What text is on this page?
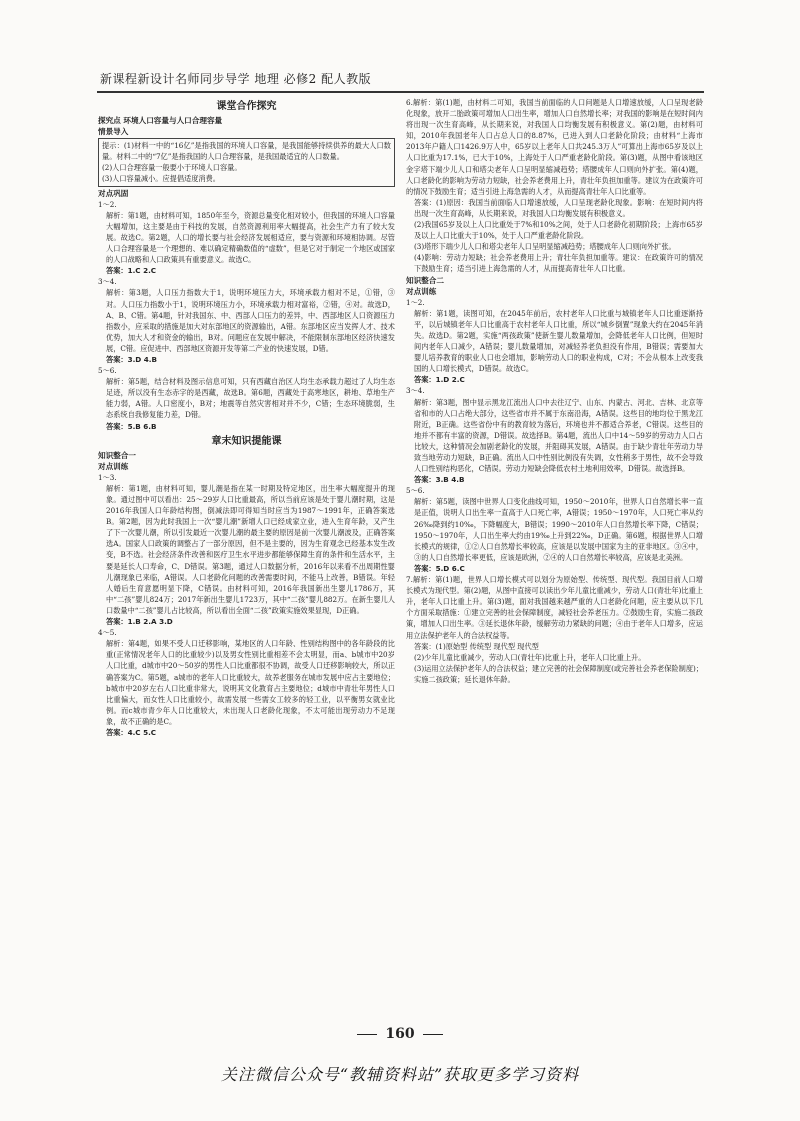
新课程新设计名师同步导学 地理 必修2 配人教版
课堂合作探究
探究点 环境人口容量与人口合理容量
情景导入

提示：(1)材料一中的“16亿”是指我国的环境人口容量，是我国能够持续供养的最大人口数量。材料二中的“7亿”是指我国的人口合理容量，是我国最适宜的人口数量。

(2)人口合理容量一般要小于环境人口容量。

(3)人口容量减小。应提倡适度消费。

对点巩固

1～2.

解析：第1题，由材料可知，1850年至今，资源总量变化相对较小，但我国的环境人口容量大幅增加，这主要是由于科技的发展，自然资源利用率大幅提高，社会生产力有了较大发展。故选C。第2题，人口的增长要与社会经济发展相适应，要与资源和环境相协调。尽管人口合理容量是一个理想的、难以确定精确数值的“虚数”，但是它对于制定一个地区或国家的人口战略和人口政策具有重要意义。故选C。

答案：1.C 2.C

3～4.

解析：第3题，人口压力指数大于1，说明环境压力大，环境承载力相对不足，①错，③对。人口压力指数小于1，说明环境压力小，环境承载力相对富裕，②错，④对。故选D，A、B、C错。第4题，针对我国东、中、西部人口压力的差异，中、西部地区人口资源压力指数小，应采取的措施是加大对东部地区的资源输出，A错。东部地区应当发挥人才、技术优势，加大人才和资金的输出，B对。问题应在发展中解决，不能限制东部地区经济快速发展，C错。应促进中、西部地区资源开发等第二产业的快速发展，D错。

答案：3.D 4.B

5～6.

解析：第5题，结合材料及图示信息可知，只有西藏自治区人均生态承载力超过了人均生态足迹，所以没有生态赤字的是西藏，故选B。第6题，西藏处于高寒地区，耕地、草地生产能力弱，A错。人口密度小，B对；地震等自然灾害相对并不少，C错；生态环境脆弱，生态系统自我修复能力差，D错。

答案：5.B 6.B

章末知识提能课
知识整合一
对点训练

1～3.

解析：第1题，由材料可知，婴儿潮是指在某一时期及特定地区，出生率大幅度提升的现象。通过图中可以看出：25～29岁人口比重最高，所以当前应该是处于婴儿潮时期，这是2016年我国人口年龄结构图，倒减法即可得知当时应当为1987～1991年，正确答案选B。第2题，因为此时我国上一次“婴儿潮”新增人口已经成家立业，进入生育年龄，又产生了下一次婴儿潮，所以引发最近一次婴儿潮的最主要的原因是前一次婴儿潮波及，正确答案选A。国家人口政策的调整占了一部分原因，但不是主要的，因为生育观念已经基本发生改变，B不选。社会经济条件改善和医疗卫生水平进步都能够保障生育的条件和生活水平，主要是延长人口寿命，C、D错误。第3题，通过人口数据分析，2016年以来看不出周期性婴儿潮现象已来临，A错误。人口老龄化问题的改善需要时间，不能马上改善，B错误。年轻人婚后生育意愿明显下降，C错误。由材料可知，2016年我国新出生婴儿1786万，其中“二孩”婴儿824万；2017年新出生婴儿1723万，其中“二孩”婴儿882万。在新生婴儿人口数量中“二孩”婴儿占比较高，所以看出全面“二孩”政策实施效果显现，D正确。

答案：1.B 2.A 3.D

4～5.

解析：第4题，如果不受人口迁移影响，某地区的人口年龄、性别结构图中的各年龄段的比重(正常情况老年人口的比重较少)以及男女性别比重相差不会太明显，而a、b城市中20岁人口比重，d城市中20～50岁的男性人口比重都很不协调，故受人口迁移影响较大，所以正确答案为C。第5题，a城市的老年人口比重较大，故养老服务在城市发展中应占主要地位；b城市中20岁左右人口比重非常大，说明其文化教育占主要地位；d城市中青壮年男性人口比重偏大，而女性人口比重较小，故需发展一些需女工较多的轻工业，以平衡男女就业比例。而c城市青少年人口比重较大，未出现人口老龄化现象，不太可能出现劳动力不足现象，故不正确的是C。

答案：4.C 5.C

6.解析：第(1)题，由材料二可知，我国当前面临的人口问题是人口增速放缓，人口呈现老龄化现象，放开二胎政策可增加人口出生率，增加人口自然增长率；对我国的影响是在短时间内将出现一次生育高峰，从长期来说，对我国人口均衡发展有积极意义。第(2)题，由材料可知，2010年我国老年人口占总人口的8.87%，已进入到人口老龄化阶段；由材料“上海市2013年户籍人口1426.9万人中，65岁以上老年人口共245.3万人”可算出上海市65岁及以上人口比重为17.1%，已大于10%，上海处于人口严重老龄化阶段。第(3)题，从图中看该地区金字塔下端少儿人口和塔尖老年人口呈明显缩减趋势；塔腰成年人口则向外扩张。第(4)题，人口老龄化的影响为劳动力短缺，社会养老费用上升，青壮年负担加重等。建议为在政策许可的情况下鼓励生育；适当引进上海急需的人才，从而提高青壮年人口比重等。

答案：(1)原因：我国当前面临人口增速放缓，人口呈现老龄化现象。影响：在短时间内将出现一次生育高峰，从长期来说，对我国人口均衡发展有积极意义。

(2)我国65岁及以上人口比重处于7%和10%之间，处于人口老龄化初期阶段；上海市65岁及以上人口比重大于10%，处于人口严重老龄化阶段。

(3)塔形下端少儿人口和塔尖老年人口呈明显缩减趋势；塔腰成年人口则向外扩张。

(4)影响：劳动力短缺；社会养老费用上升；青壮年负担加重等。建议：在政策许可的情况下鼓励生育；适当引进上海急需的人才，从而提高青壮年人口比重。

知识整合二
对点训练

1～2.

解析：第1题，读图可知，在2045年前后，农村老年人口比重与城镇老年人口比重逐渐持平，以后城镇老年人口比重高于农村老年人口比重，所以“城乡倒置”现象大约在2045年消失。故选D。第2题，实施“两孩政策”使新生婴儿数量增加，会降低老年人口比例，但短时间内老年人口减少，A错误；婴儿数量增加，对减轻养老负担没有作用，B错误；需要加大婴儿培养教育的职业人口也会增加，影响劳动人口的职业构成，C对；不会从根本上改变我国的人口增长模式，D错误。故选C。

答案：1.D 2.C

3～4.

解析：第3题，图中显示黑龙江流出人口中去往辽宁、山东、内蒙古、河北、吉林、北京等省和市的人口占绝大部分，这些省市并不属于东南沿海，A错误。这些目的地均位于黑龙江附近，B正确。这些省份中有的教育较为落后，环境也并不都适合养老，C错误。这些目的地并不都有丰富的资源，D错误。故选择B。第4题，流出人口中14～59岁的劳动力人口占比较大，这种情况会加剧老龄化的发展，并阻碍其发展，A错误。由于缺少青壮年劳动力导致当地劳动力短缺，B正确。流出人口中性别比例没有失调，女性稍多于男性，故不会导致人口性别结构恶化，C错误。劳动力短缺会降低农村土地利用效率，D错误。故选择B。

答案：3.B 4.B

5～6.

解析：第5题，读图中世界人口变化曲线可知，1950～2010年，世界人口自然增长率一直是正值，说明人口出生率一直高于人口死亡率，A错误；1950～1970年，人口死亡率从约26‰降到约10‰，下降幅度大，B错误；1990～2010年人口自然增长率下降，C错误；1950～1970年，人口出生率大约由19‰上升到22‰，D正确。第6题，根据世界人口增长模式的规律，①②人口自然增长率较高，应该是以发展中国家为主的亚非地区。③④中，③的人口自然增长率更低，应该是欧洲，②④的人口自然增长率较高，应该是北美洲。

答案：5.D 6.C

7.解析：第(1)题，世界人口增长模式可以划分为原始型、传统型、现代型。我国目前人口增长模式为现代型。第(2)题，从图中直接可以读出少年儿童比重减少，劳动人口(青壮年)比重上升，老年人口比重上升。第(3)题，面对我国越来越严重的人口老龄化问题，应主要从以下几个方面采取措施：①建立完善的社会保障制度，减轻社会养老压力。②鼓励生育，实施二孩政策，增加人口出生率。③延长退休年龄，缓解劳动力紧缺的问题；④由于老年人口增多，应运用立法保护老年人的合法权益等。

答案：(1)原始型 传统型 现代型 现代型

(2)少年儿童比重减少，劳动人口(青壮年)比重上升，老年人口比重上升。

(3)运用立法保护老年人的合法权益；建立完善的社会保障制度(或完善社会养老保险制度)；实施二孩政策；延长退休年龄。

160
关注微信公众号“教辅资料站”获取更多学习资料
